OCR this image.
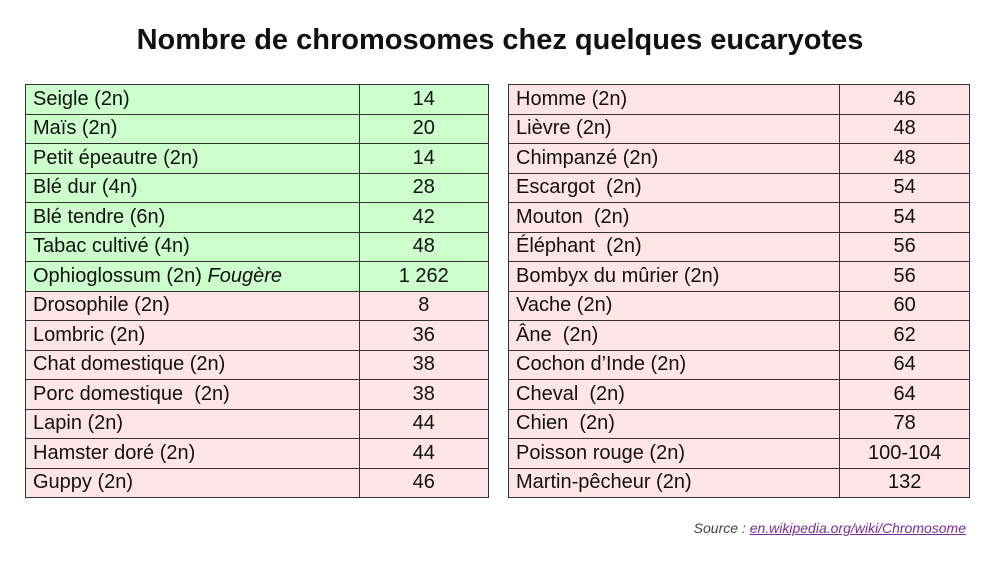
Nombre de chromosomes chez quelques eucaryotes
Seigle (2n)	14
Maïs (2n)	20
Petit épeautre (2n)	14
Blé dur (4n)	28
Blé tendre (6n)	42
Tabac cultivé (4n)	48
Ophioglossum (2n) Fougère	1 262
Drosophile (2n)	8
Lombric (2n)	36
Chat domestique (2n)	38
Porc domestique  (2n)	38
Lapin (2n)	44
Hamster doré (2n)	44
Guppy (2n)	46
Homme (2n)	46
Lièvre (2n)	48
Chimpanzé (2n)	48
Escargot  (2n)	54
Mouton  (2n)	54
Éléphant  (2n)	56
Bombyx du mûrier (2n)	56
Vache (2n)	60
Âne  (2n)	62
Cochon d’Inde (2n)	64
Cheval  (2n)	64
Chien  (2n)	78
Poisson rouge (2n)	100-104
Martin-pêcheur (2n)	132
Source : en.wikipedia.org/wiki/Chromosome
